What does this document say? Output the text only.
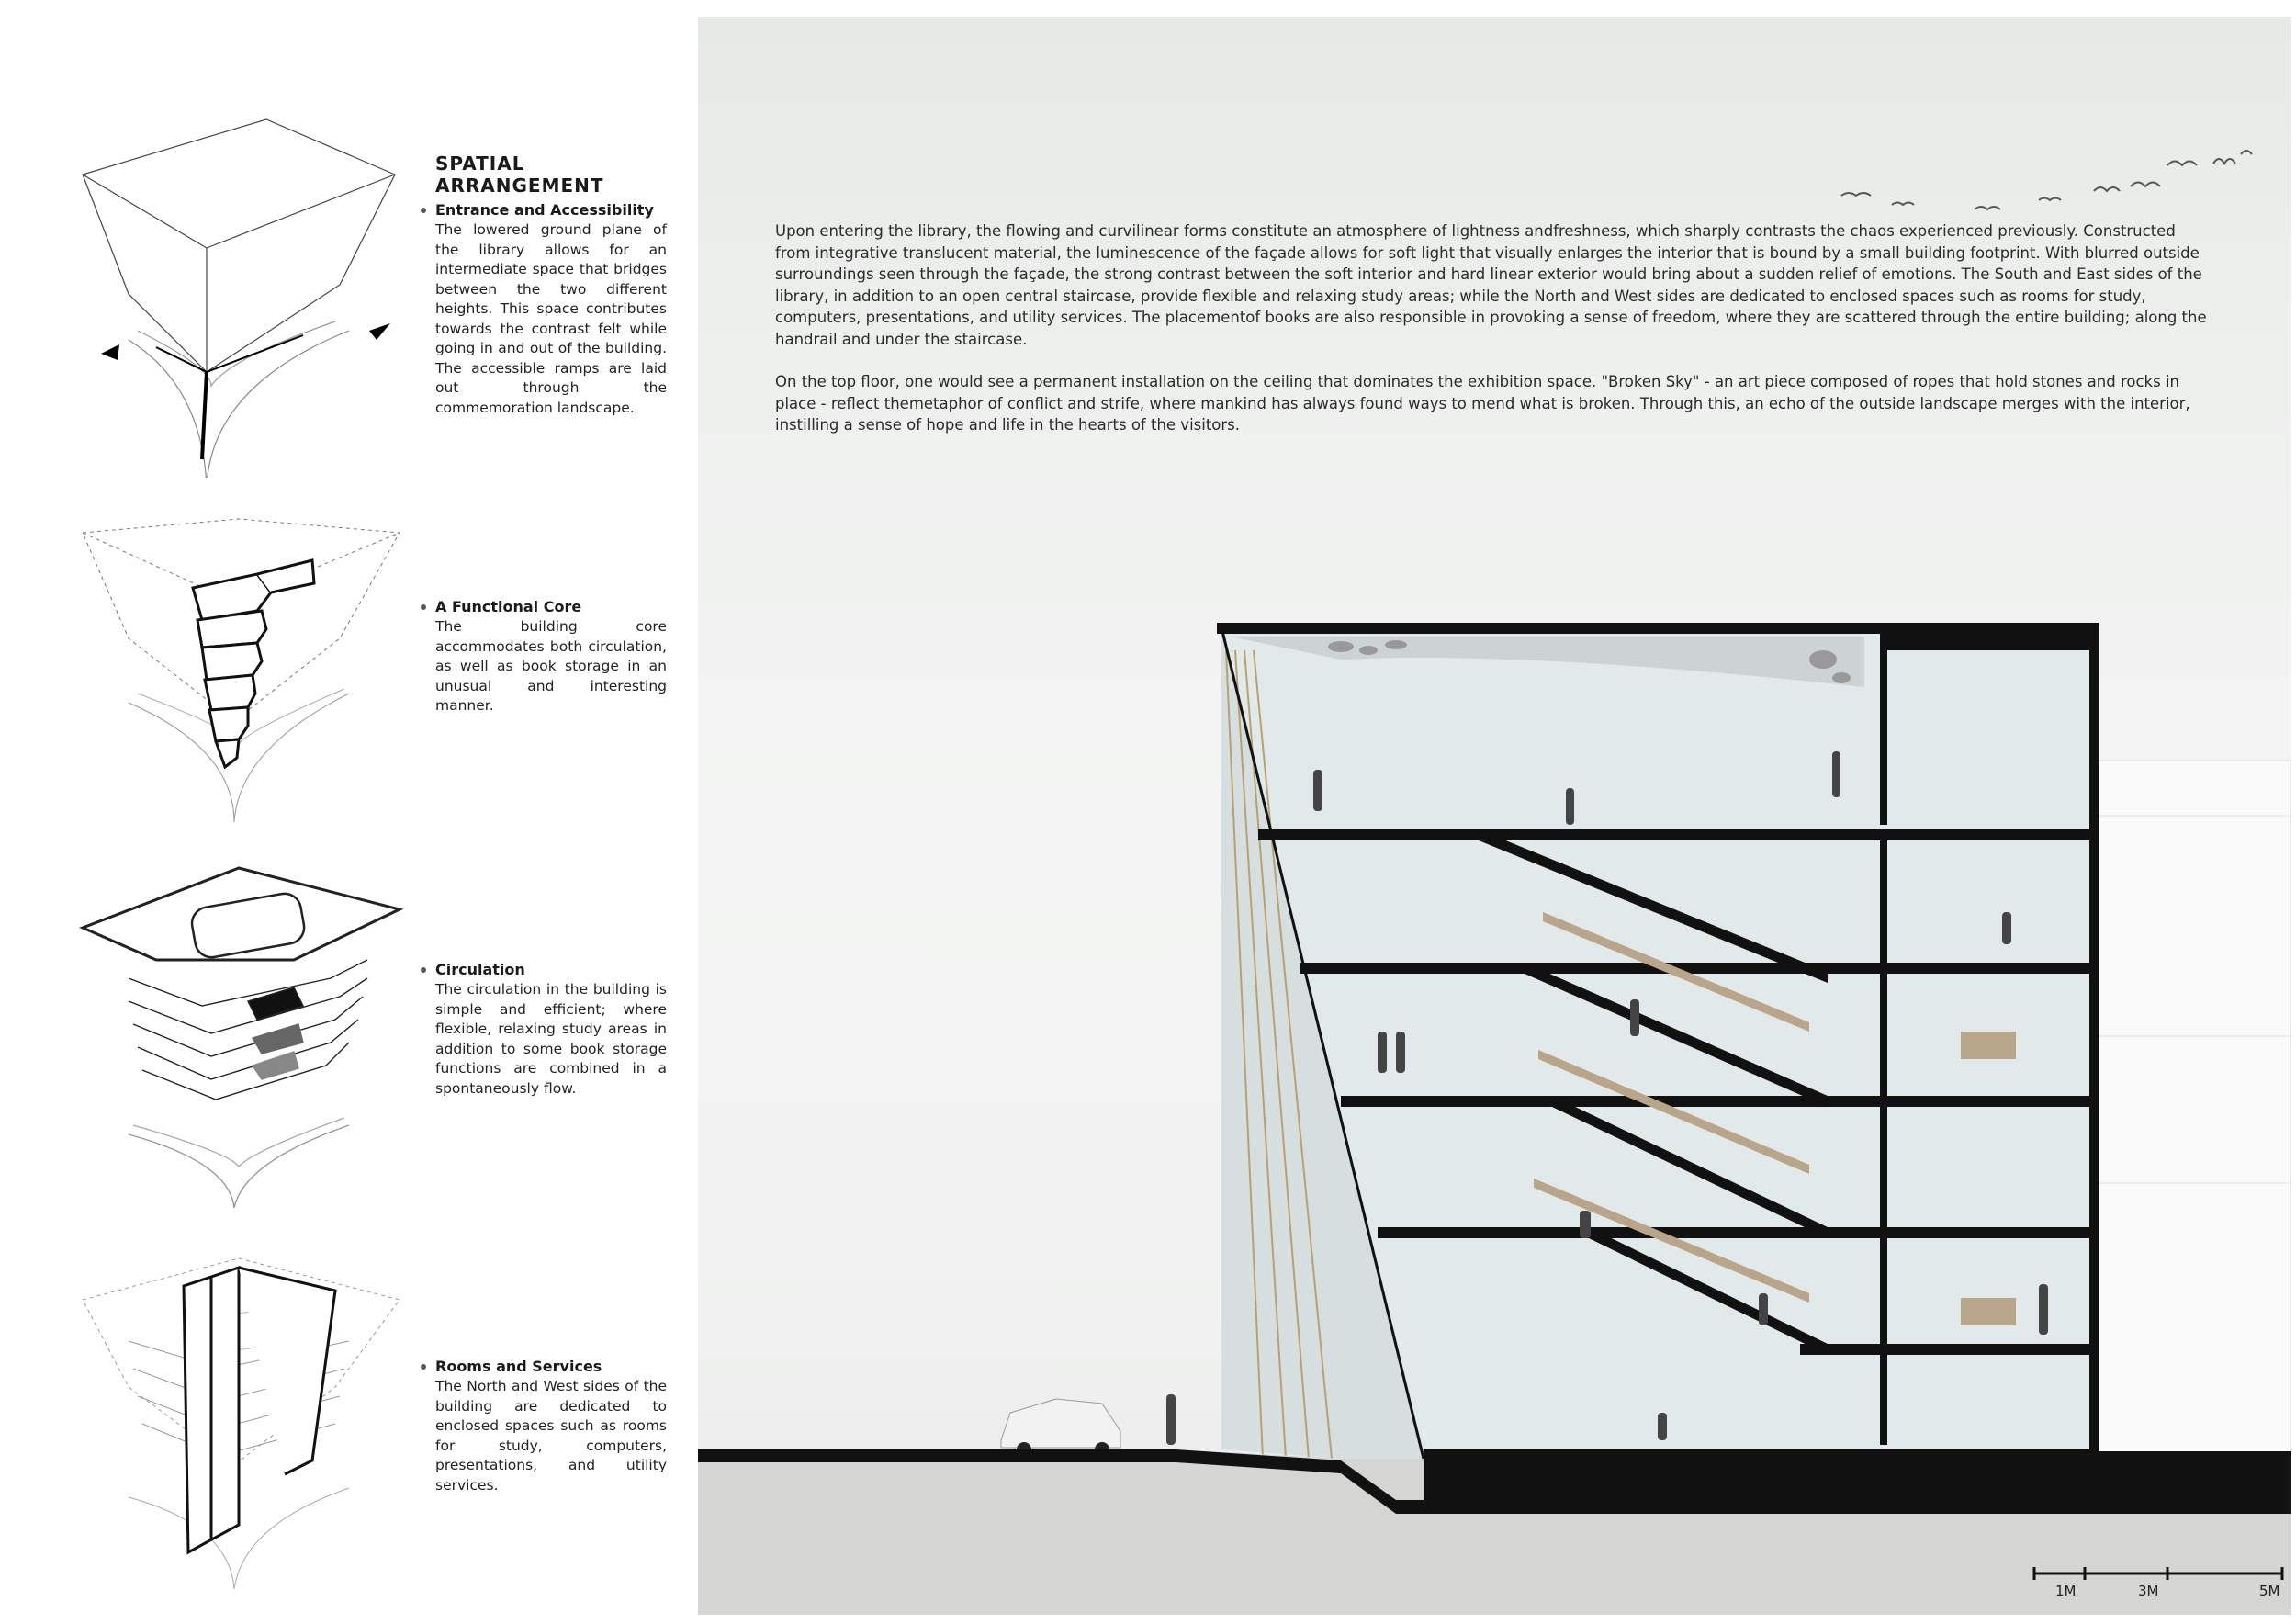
SPATIAL ARRANGEMENT
Entrance and Accessibility

The lowered ground plane of the library allows for an intermediate space that bridges between the two different heights. This space contributes towards the contrast felt while going in and out of the building. The accessible ramps are laid out through the commemoration landscape.

A Functional Core

The building core accommodates both circulation, as well as book storage in an unusual and interesting manner.

Circulation

The circulation in the building is simple and efficient; where flexible, relaxing study areas in addition to some book storage functions are combined in a spontaneously flow.

Rooms and Services

The North and West sides of the building are dedicated to enclosed spaces such as rooms for study, computers, presentations, and utility services.

Upon entering the library, the flowing and curvilinear forms constitute an atmosphere of lightness andfreshness, which sharply contrasts the chaos experienced previously. Constructed from integrative translucent material, the luminescence of the façade allows for soft light that visually enlarges the interior that is bound by a small building footprint. With blurred outside surroundings seen through the façade, the strong contrast between the soft interior and hard linear exterior would bring about a sudden relief of emotions. The South and East sides of the library, in addition to an open central staircase, provide flexible and relaxing study areas; while the North and West sides are dedicated to enclosed spaces such as rooms for study, computers, presentations, and utility services. The placementof books are also responsible in provoking a sense of freedom, where they are scattered through the entire building; along the handrail and under the staircase.

On the top floor, one would see a permanent installation on the ceiling that dominates the exhibition space. "Broken Sky" - an art piece composed of ropes that hold stones and rocks in place - reflect themetaphor of conflict and strife, where mankind has always found ways to mend what is broken. Through this, an echo of the outside landscape merges with the interior, instilling a sense of hope and life in the hearts of the visitors.

1M	3M	5M
